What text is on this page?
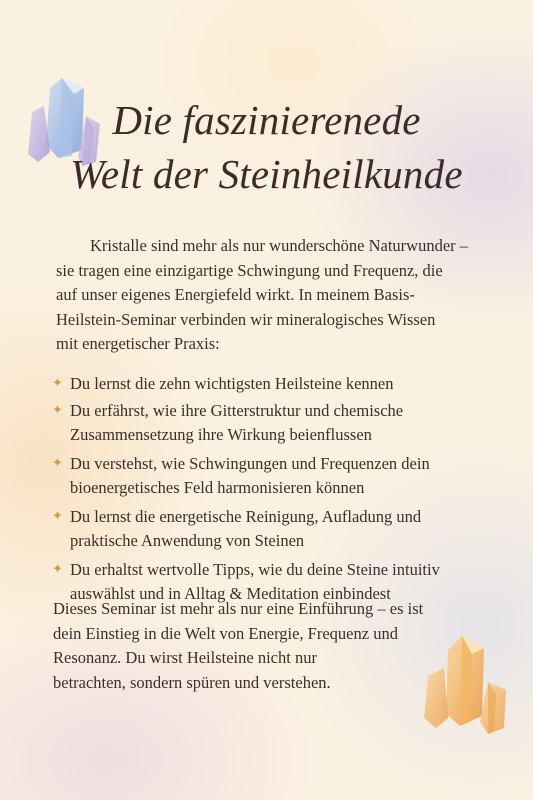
Die faszinierenede
Welt der Steinheilkunde

Kristalle sind mehr als nur wunderschöne Naturwunder –
sie tragen eine einzigartige Schwingung und Frequenz, die
auf unser eigenes Energiefeld wirkt. In meinem Basis-
Heilstein-Seminar verbinden wir mineralogisches Wissen
mit energetischer Praxis:

✦ Du lernst die zehn wichtigsten Heilsteine kennen
✦ Du erfährst, wie ihre Gitterstruktur und chemische
Zusammensetzung ihre Wirkung beienflussen
✦ Du verstehst, wie Schwingungen und Frequenzen dein
bioenergetisches Feld harmonisieren können
✦ Du lernst die energetische Reinigung, Aufladung und
praktische Anwendung von Steinen
✦ Du erhaltst wertvolle Tipps, wie du deine Steine intuitiv
auswählst und in Alltag & Meditation einbindest

Dieses Seminar ist mehr als nur eine Einführung – es ist
dein Einstieg in die Welt von Energie, Frequenz und
Resonanz. Du wirst Heilsteine nicht nur
betrachten, sondern spüren und verstehen.
